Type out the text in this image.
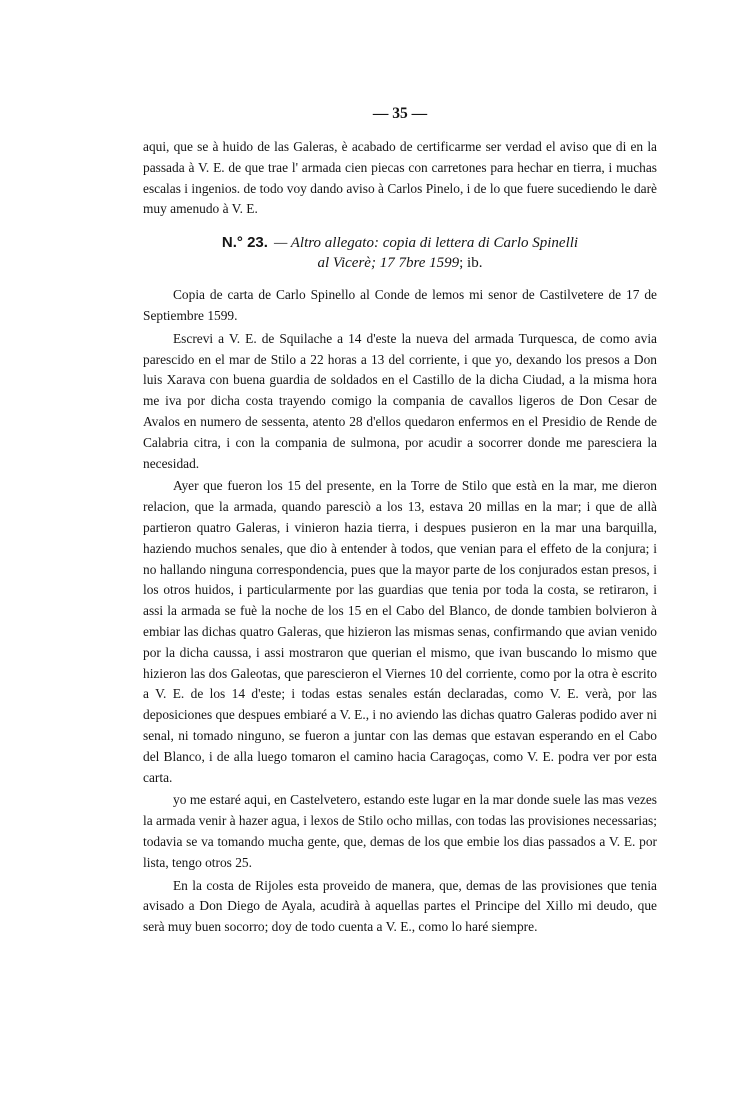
— 35 —

aqui, que se à huido de las Galeras, è acabado de certificarme ser verdad el aviso que di en la passada à V. E. de que trae l' armada cien piecas con carretones para hechar en tierra, i muchas escalas i ingenios. de todo voy dando aviso à Carlos Pinelo, i de lo que fuere sucediendo le darè muy amenudo à V. E.

N.° 23. — Altro allegato: copia di lettera di Carlo Spinelli
al Vicerè; 17 7bre 1599; ib.

Copia de carta de Carlo Spinello al Conde de lemos mi senor de Castilvetere de 17 de Septiembre 1599.

Escrevi a V. E. de Squilache a 14 d'este la nueva del armada Turquesca, de como avia parescido en el mar de Stilo a 22 horas a 13 del corriente, i que yo, dexando los presos a Don luis Xarava con buena guardia de soldados en el Castillo de la dicha Ciudad, a la misma hora me iva por dicha costa trayendo comigo la compania de cavallos ligeros de Don Cesar de Avalos en numero de sessenta, atento 28 d'ellos quedaron enfermos en el Presidio de Rende de Calabria citra, i con la compania de sulmona, por acudir a socorrer donde me paresciera la necesidad.

Ayer que fueron los 15 del presente, en la Torre de Stilo que està en la mar, me dieron relacion, que la armada, quando paresciò a los 13, estava 20 millas en la mar; i que de allà partieron quatro Galeras, i vinieron hazia tierra, i despues pusieron en la mar una barquilla, haziendo muchos senales, que dio à entender à todos, que venian para el effeto de la conjura; i no hallando ninguna correspondencia, pues que la mayor parte de los conjurados estan presos, i los otros huidos, i particularmente por las guardias que tenia por toda la costa, se retiraron, i assi la armada se fuè la noche de los 15 en el Cabo del Blanco, de donde tambien bolvieron à embiar las dichas quatro Galeras, que hizieron las mismas senas, confirmando que avian venido por la dicha caussa, i assi mostraron que querian el mismo, que ivan buscando lo mismo que hizieron las dos Galeotas, que parescieron el Viernes 10 del corriente, como por la otra è escrito a V. E. de los 14 d'este; i todas estas senales están declaradas, como V. E. verà, por las deposiciones que despues embiaré a V. E., i no aviendo las dichas quatro Galeras podido aver ni senal, ni tomado ninguno, se fueron a juntar con las demas que estavan esperando en el Cabo del Blanco, i de alla luego tomaron el camino hacia Caragoças, como V. E. podra ver por esta carta.

yo me estaré aqui, en Castelvetero, estando este lugar en la mar donde suele las mas vezes la armada venir à hazer agua, i lexos de Stilo ocho millas, con todas las provisiones necessarias; todavia se va tomando mucha gente, que, demas de los que embie los dias passados a V. E. por lista, tengo otros 25.

En la costa de Rijoles esta proveido de manera, que, demas de las provisiones que tenia avisado a Don Diego de Ayala, acudirà à aquellas partes el Principe del Xillo mi deudo, que serà muy buen socorro; doy de todo cuenta a V. E., como lo haré siempre.
